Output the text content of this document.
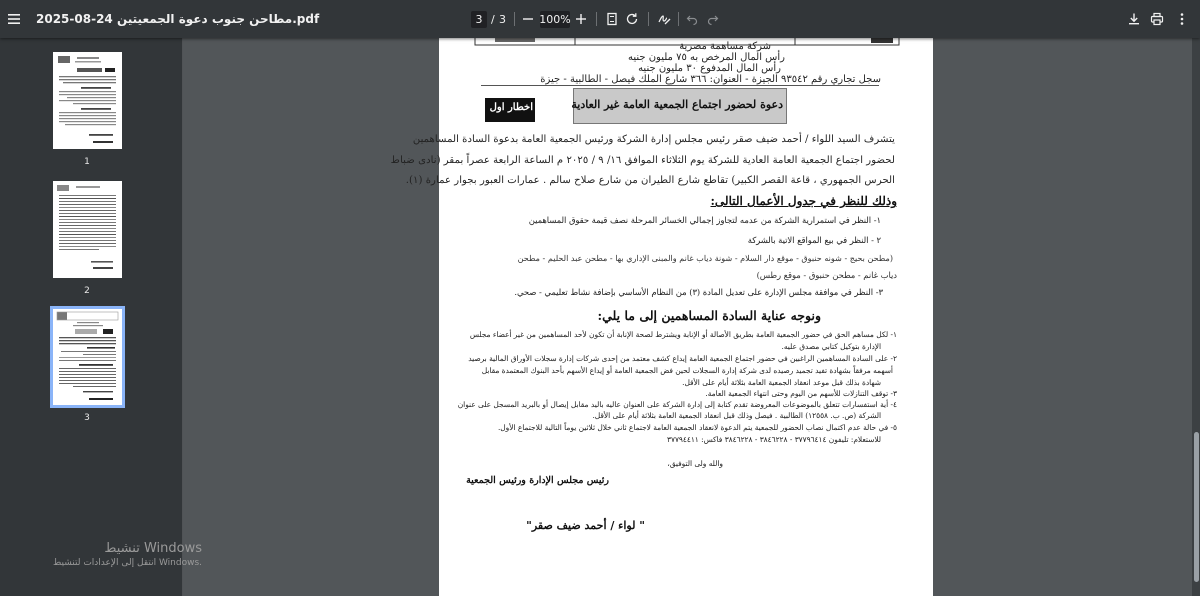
مطاحن جنوب دعوة الجمعيتين 24-08-2025.pdf	3 / 3	100%
1
2
3
تنشيط Windows
انتقل إلى الإعدادات لتنشيط Windows.
شركة مساهمة مصرية
رأس المال المرخص به ٧٥ مليون جنيه
رأس المال المدفوع ٣٠ مليون جنيه
سجل تجاري رقم ٩٣٥٤٢ الجيزة - العنوان: ٣٦٦ شارع الملك فيصل - الطالبية - جيزة
دعوة لحضور اجتماع الجمعية العامة غير العادية
اخطار اول
يتشرف السيد اللواء / أحمد ضيف صقر رئيس مجلس إدارة الشركة ورئيس الجمعية العامة بدعوة السادة المساهمين
لحضور اجتماع الجمعية العامة العادية للشركة يوم الثلاثاء الموافق ١٦/ ٩ / ٢٠٢٥ م الساعة الرابعة عصراً بمقر (نادى ضباط
الحرس الجمهوري ، قاعة القصر الكبير) تقاطع شارع الطيران من شارع صلاح سالم . عمارات العبور بجوار عمارة (١).
وذلك للنظر في جدول الأعمال التالى:
١- النظر في استمرارية الشركة من عدمه لتجاوز إجمالي الخسائر المرحلة نصف قيمة حقوق المساهمين
٢ - النظر في بيع المواقع الاتية بالشركة
(مطحن بحيج - شونه حنبوق - موقع دار السلام - شونة دياب غانم والمبنى الإداري بها - مطحن عبد الحليم - مطحن
دياب غانم - مطحن حنبوق - موقع رطس)
٣- النظر في موافقة مجلس الإدارة على تعديل المادة (٣) من النظام الأساسي بإضافة نشاط تعليمي - صحي.
ونوجه عناية السادة المساهمين إلى ما يلي:
١- لكل مساهم الحق في حضور الجمعية العامة بطريق الأصالة أو الإنابة ويشترط لصحة الإنابة أن تكون لأحد المساهمين من غير أعضاء مجلس
الإدارة بتوكيل كتابي مصدق عليه.
٢- على السادة المساهمين الراغبين في حضور اجتماع الجمعية العامة إيداع كشف معتمد من إحدى شركات إدارة سجلات الأوراق المالية برصيد
أسهمه مرفقاً بشهادة تفيد تجميد رصيده لدى شركة إدارة السجلات لحين فض الجمعية العامة أو إيداع الأسهم بأحد البنوك المعتمدة مقابل
شهادة بذلك قبل موعد انعقاد الجمعية العامة بثلاثة أيام على الأقل.
٣- توقف التنازلات للأسهم من اليوم وحتى انتهاء الجمعية العامة.
٤- أية استفسارات تتعلق بالموضوعات المعروضة تقدم كتابة إلى إدارة الشركة على العنوان عاليه باليد مقابل إيصال أو بالبريد المسجل على عنوان
الشركة (ص. ب. ١٢٥٥٨) الطالبية . فيصل وذلك قبل انعقاد الجمعية العامة بثلاثة أيام على الأقل.
٥- في حالة عدم اكتمال نصاب الحضور للجمعية يتم الدعوة لانعقاد الجمعية العامة لاجتماع ثاني خلال ثلاثين يوماً التالية للاجتماع الأول.
للاستعلام: تليفون ٣٧٧٩٦٤١٤ - ٣٨٤٦٢٢٨ - ٣٨٤٦٢٢٨ فاكس: ٣٧٧٩٤٤١١
والله ولى التوفيق،
رئيس مجلس الإدارة ورئيس الجمعية
" لواء / أحمد ضيف صقر"
